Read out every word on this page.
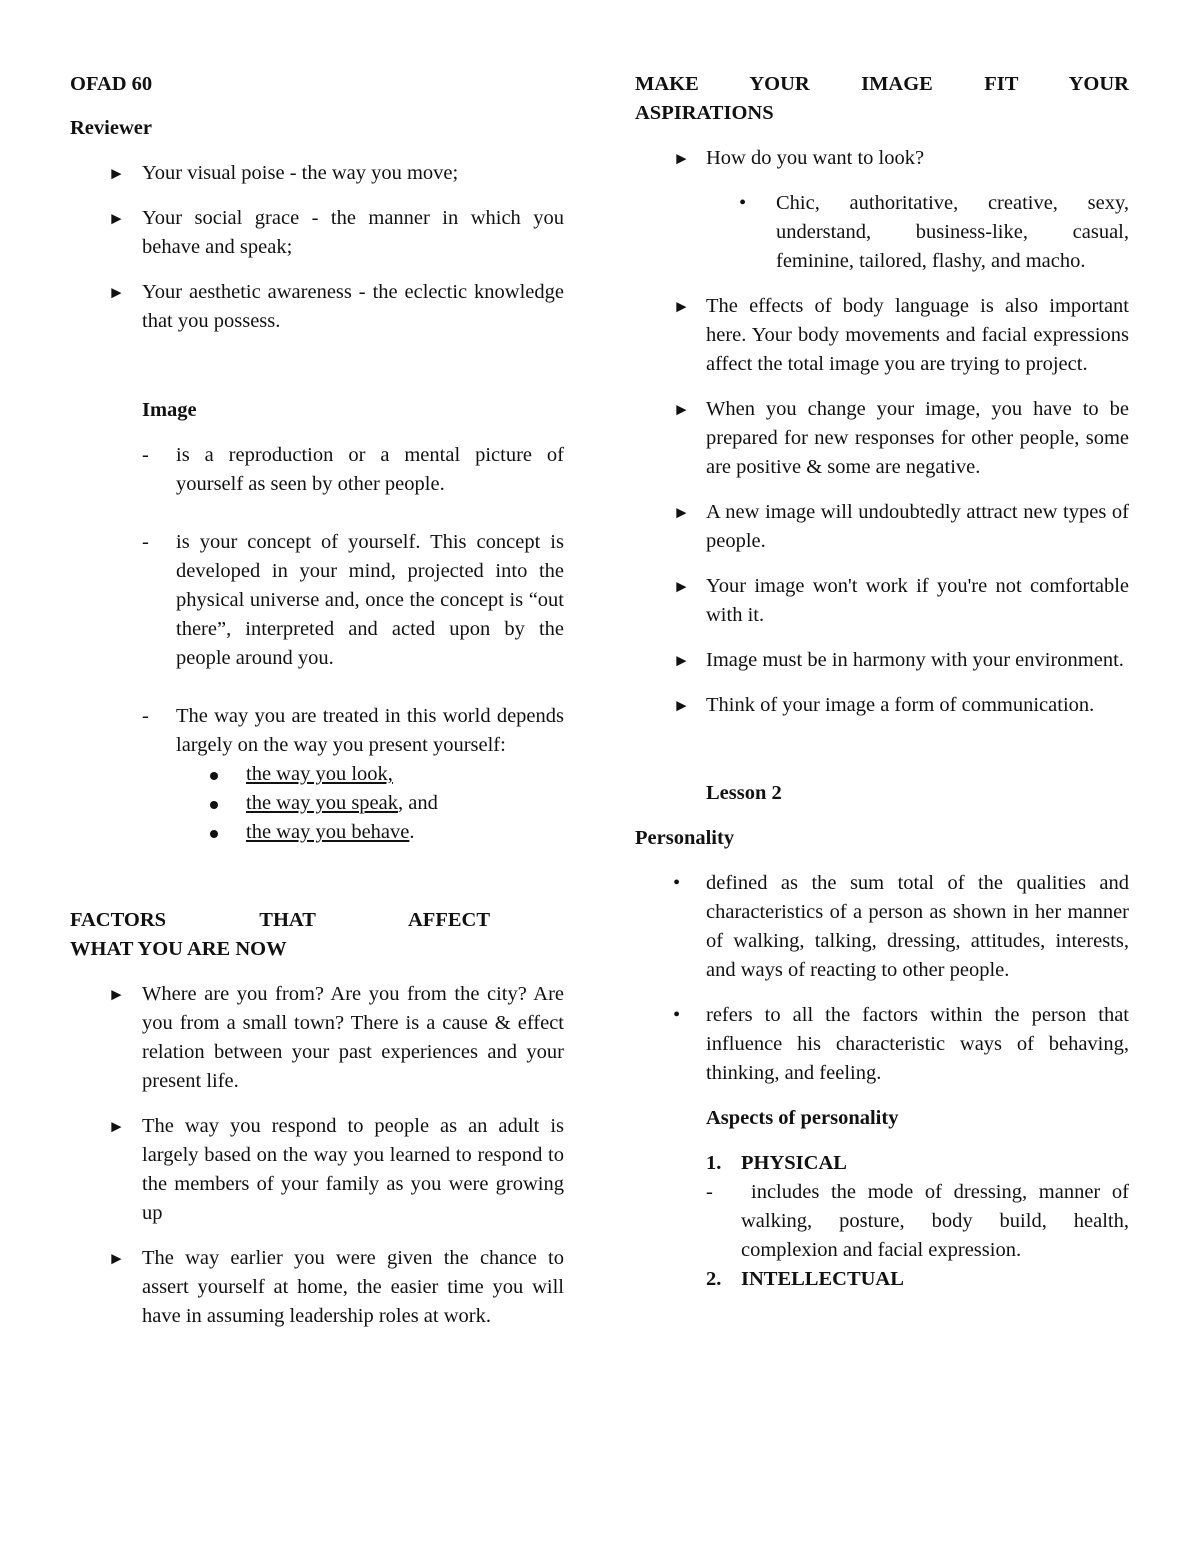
OFAD 60
Reviewer
► Your visual poise - the way you move;
► Your social grace - the manner in which you behave and speak;
► Your aesthetic awareness - the eclectic knowledge that you possess.
Image
-	is a reproduction or a mental picture of yourself as seen by other people.
-	is your concept of yourself. This concept is developed in your mind, projected into the physical universe and, once the concept is “out there”, interpreted and acted upon by the people around you.
-	The way you are treated in this world depends largely on the way you present yourself:
the way you look,
the way you speak, and
the way you behave.
FACTORS THAT AFFECT
WHAT YOU ARE NOW
► Where are you from? Are you from the city? Are you from a small town? There is a cause & effect relation between your past experiences and your present life.
► The way you respond to people as an adult is largely based on the way you learned to respond to the members of your family as you were growing up
► The way earlier you were given the chance to assert yourself at home, the easier time you will have in assuming leadership roles at work.
MAKE YOUR IMAGE FIT YOUR
ASPIRATIONS
► How do you want to look?
•	Chic, authoritative, creative, sexy, understand, business-like, casual, feminine, tailored, flashy, and macho.
► The effects of body language is also important here. Your body movements and facial expressions affect the total image you are trying to project.
► When you change your image, you have to be prepared for new responses for other people, some are positive & some are negative.
► A new image will undoubtedly attract new types of people.
► Your image won't work if you're not comfortable with it.
► Image must be in harmony with your environment.
► Think of your image a form of communication.
Lesson 2
Personality
•	defined as the sum total of the qualities and characteristics of a person as shown in her manner of walking, talking, dressing, attitudes, interests, and ways of reacting to other people.
•	refers to all the factors within the person that influence his characteristic ways of behaving, thinking, and feeling.
Aspects of personality
1. PHYSICAL
-	includes the mode of dressing, manner of walking, posture, body build, health, complexion and facial expression.
2. INTELLECTUAL
